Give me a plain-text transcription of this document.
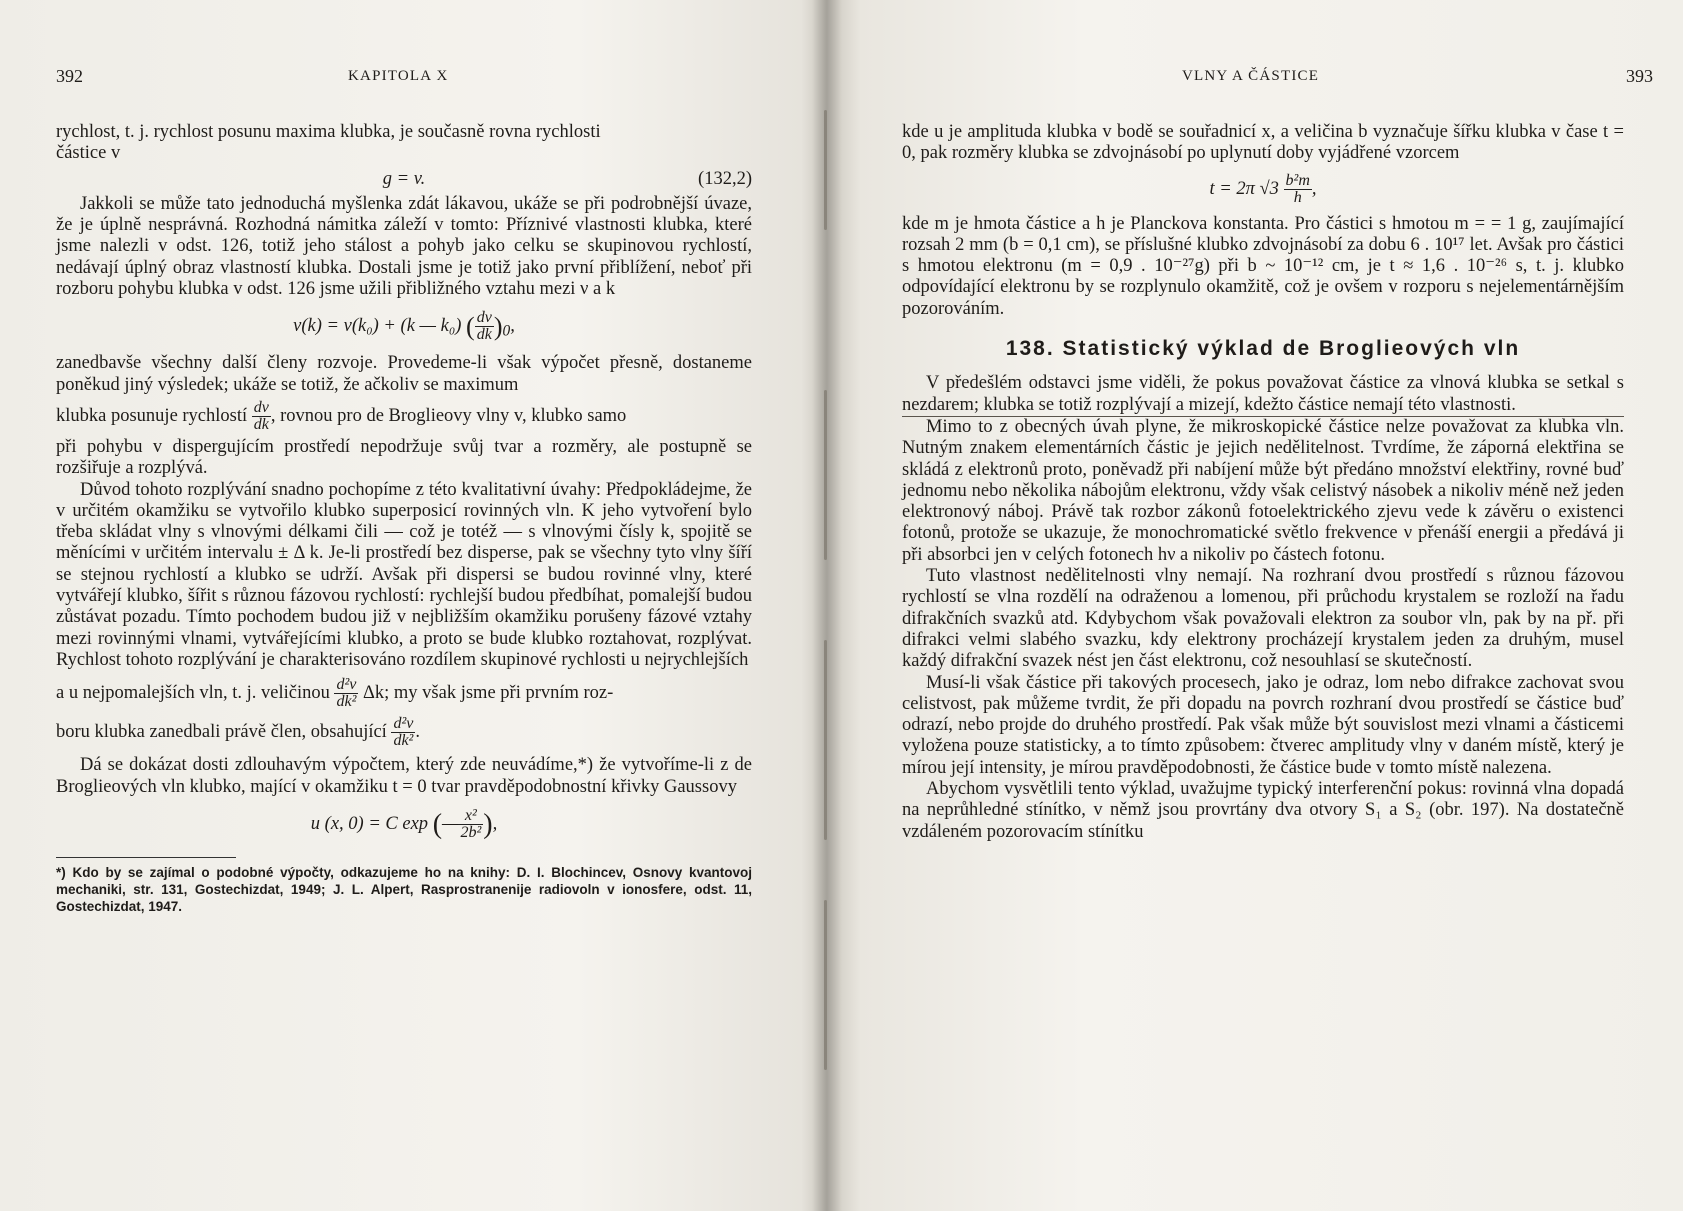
392	KAPITOLA X

rychlost, t. j. rychlost posunu maxima klubka, je současně rovna rychlosti

částice v

g = v.	(132,2)

Jakkoli se může tato jednoduchá myšlenka zdát lákavou, ukáže se při podrobnější úvaze, že je úplně nesprávná. Rozhodná námitka záleží v tomto: Příznivé vlastnosti klubka, které jsme nalezli v odst. 126, totiž jeho stálost a pohyb jako celku se skupinovou rychlostí, nedávají úplný obraz vlastností klubka. Dostali jsme je totiž jako první přiblížení, neboť při rozboru pohybu klubka v odst. 126 jsme užili přibližného vztahu mezi ν a k

ν(k) = ν(k₀) + (k — k₀) ( $\frac{d\nu}{dk} )_0$,

zanedbavše všechny další členy rozvoje. Provedeme-li však výpočet přesně, dostaneme poněkud jiný výsledek; ukáže se totiž, že ačkoliv se maximum

klubka posunuje rychlostí $\frac{d\nu}{dk}$ , rovnou pro de Broglieovy vlny v, klubko samo

při pohybu v dispergujícím prostředí nepodržuje svůj tvar a rozměry, ale postupně se rozšiřuje a rozplývá.

Důvod tohoto rozplývání snadno pochopíme z této kvalitativní úvahy: Předpokládejme, že v určitém okamžiku se vytvořilo klubko superposicí rovinných vln. K jeho vytvoření bylo třeba skládat vlny s vlnovými délkami čili — což je totéž — s vlnovými čísly k, spojitě se měnícími v určitém intervalu ± Δ k. Je-li prostředí bez disperse, pak se všechny tyto vlny šíří se stejnou rychlostí a klubko se udrží. Avšak při dispersi se budou rovinné vlny, které vytvářejí klubko, šířit s různou fázovou rychlostí: rychlejší budou předbíhat, pomalejší budou zůstávat pozadu. Tímto pochodem budou již v nejbližším okamžiku porušeny fázové vztahy mezi rovinnými vlnami, vytvářejícími klubko, a proto se bude klubko roztahovat, rozplývat. Rychlost tohoto rozplývání je charakterisováno rozdílem skupinové rychlosti u nejrychlejších

a u nejpomalejších vln, t. j. veličinou $\frac{\text{d²ν}}{\text{dk²}} \Delta k$; my však jsme při prvním roz-

boru klubka zanedbali právě člen, obsahující $\frac{\text{d²ν}}{\text{dk²}}$ .

Dá se dokázat dosti zdlouhavým výpočtem, který zde neuvádíme,*) že vytvoříme-li z de Broglieových vln klubko, mající v okamžiku t = 0 tvar pravděpodobnostní křivky Gaussovy

u (x, 0) = C exp (— $\frac{\text{x²}}{\text{2b²}}$ ),

*) Kdo by se zajímal o podobné výpočty, odkazujeme ho na knihy: D. I. Blochincev, Osnovy kvantovoj mechaniki, str. 131, Gostechizdat, 1949; J. L. Alpert, Rasprostranenije radiovoln v ionosfere, odst. 11, Gostechizdat, 1947.

VLNY A ČÁSTICE	393

kde u je amplituda klubka v bodě se souřadnicí x, a veličina b vyznačuje šířku klubka v čase t = 0, pak rozměry klubka se zdvojnásobí po uplynutí doby vyjádřené vzorcem

t = 2π $√3 \frac{\text{b²m}}{h}$ ,

kde m je hmota částice a h je Planckova konstanta. Pro částici s hmotou m = = 1 g, zaujímající rozsah 2 mm (b = 0,1 cm), se příslušné klubko zdvojnásobí za dobu 6 . 10¹⁷ let. Avšak pro částici s hmotou elektronu (m = 0,9 . 10⁻²⁷g) při b ~ 10⁻¹² cm, je t ≈ 1,6 . 10⁻²⁶ s, t. j. klubko odpovídající elektronu by se rozplynulo okamžitě, což je ovšem v rozporu s nejelementárnějším pozorováním.

138. Statistický výklad de Broglieových vln

V předešlém odstavci jsme viděli, že pokus považovat částice za vlnová klubka se setkal s nezdarem; klubka se totiž rozplývají a mizejí, kdežto částice nemají této vlastnosti.

Mimo to z obecných úvah plyne, že mikroskopické částice nelze považovat za klubka vln. Nutným znakem elementárních částic je jejich nedělitelnost. Tvrdíme, že záporná elektřina se skládá z elektronů proto, poněvadž při nabíjení může být předáno množství elektřiny, rovné buď jednomu nebo několika nábojům elektronu, vždy však celistvý násobek a nikoliv méně než jeden elektronový náboj. Právě tak rozbor zákonů fotoelektrického zjevu vede k závěru o existenci fotonů, protože se ukazuje, že monochromatické světlo frekvence ν přenáší energii a předává ji při absorbci jen v celých fotonech hν a nikoliv po částech fotonu.

Tuto vlastnost nedělitelnosti vlny nemají. Na rozhraní dvou prostředí s různou fázovou rychlostí se vlna rozdělí na odraženou a lomenou, při průchodu krystalem se rozloží na řadu difrakčních svazků atd. Kdybychom však považovali elektron za soubor vln, pak by na př. při difrakci velmi slabého svazku, kdy elektrony procházejí krystalem jeden za druhým, musel každý difrakční svazek nést jen část elektronu, což nesouhlasí se skutečností.

Musí-li však částice při takových procesech, jako je odraz, lom nebo difrakce zachovat svou celistvost, pak můžeme tvrdit, že při dopadu na povrch rozhraní dvou prostředí se částice buď odrazí, nebo projde do druhého prostředí. Pak však může být souvislost mezi vlnami a částicemi vyložena pouze statisticky, a to tímto způsobem: čtverec amplitudy vlny v daném místě, který je mírou její intensity, je mírou pravděpodobnosti, že částice bude v tomto místě nalezena.

Abychom vysvětlili tento výklad, uvažujme typický interferenční pokus: rovinná vlna dopadá na neprůhledné stínítko, v němž jsou provrtány dva otvory S₁ a S₂ (obr. 197). Na dostatečně vzdáleném pozorovacím stínítku
